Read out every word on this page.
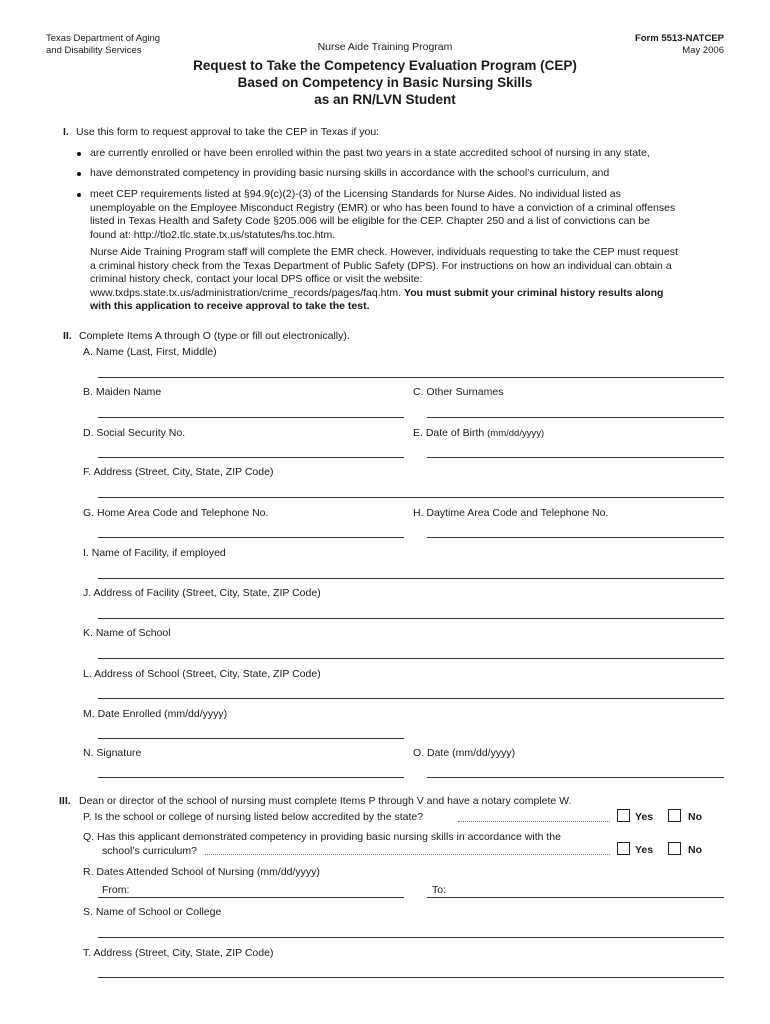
Texas Department of Aging
and Disability Services	Nurse Aide Training Program
Form 5513-NATCEP
May 2006
Request to Take the Competency Evaluation Program (CEP)
Based on Competency in Basic Nursing Skills
as an RN/LVN Student
I. Use this form to request approval to take the CEP in Texas if you:
are currently enrolled or have been enrolled within the past two years in a state accredited school of nursing in any state,
have demonstrated competency in providing basic nursing skills in accordance with the school’s curriculum, and
meet CEP requirements listed at §94.9(c)(2)-(3) of the Licensing Standards for Nurse Aides. No individual listed as
unemployable on the Employee Misconduct Registry (EMR) or who has been found to have a conviction of a criminal offenses
listed in Texas Health and Safety Code §205.006 will be eligible for the CEP. Chapter 250 and a list of convictions can be
found at: http://tlo2.tlc.state.tx.us/statutes/hs.toc.htm.
Nurse Aide Training Program staff will complete the EMR check. However, individuals requesting to take the CEP must request
a criminal history check from the Texas Department of Public Safety (DPS). For instructions on how an individual can obtain a
criminal history check, contact your local DPS office or visit the website:
www.txdps.state.tx.us/administration/crime_records/pages/faq.htm. You must submit your criminal history results along
with this application to receive approval to take the test.
II. Complete Items A through O (type or fill out electronically).
A. Name (Last, First, Middle)
B. Maiden Name	C. Other Surnames
D. Social Security No.	E. Date of Birth (mm/dd/yyyy)
F. Address (Street, City, State, ZIP Code)
G. Home Area Code and Telephone No.	H. Daytime Area Code and Telephone No.
I. Name of Facility, if employed
J. Address of Facility (Street, City, State, ZIP Code)
K. Name of School
L. Address of School (Street, City, State, ZIP Code)
M. Date Enrolled (mm/dd/yyyy)
N. Signature	O. Date (mm/dd/yyyy)
III. Dean or director of the school of nursing must complete Items P through V and have a notary complete W.
P. Is the school or college of nursing listed below accredited by the state?	Yes	No
Q. Has this applicant demonstrated competency in providing basic nursing skills in accordance with the
school’s curriculum?	Yes	No
R. Dates Attended School of Nursing (mm/dd/yyyy)
From:	To:
S. Name of School or College
T. Address (Street, City, State, ZIP Code)
